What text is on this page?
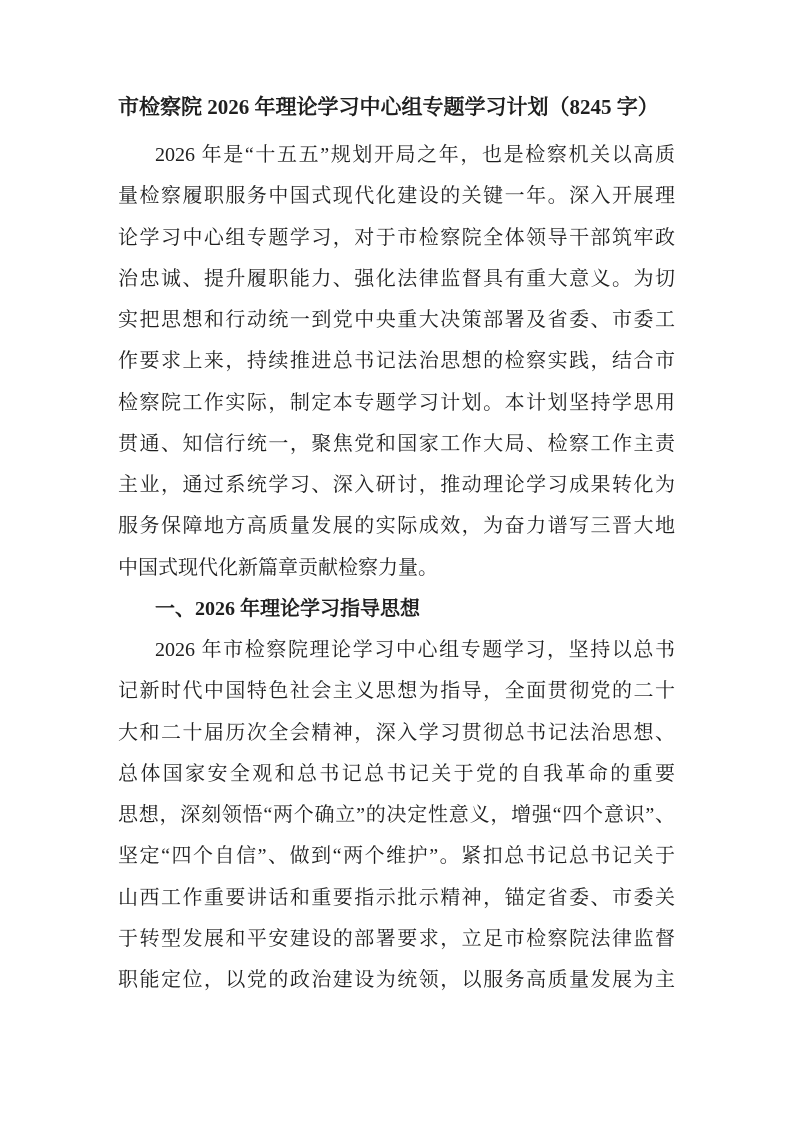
市检察院 2026 年理论学习中心组专题学习计划（8245 字）
2026 年是“十五五”规划开局之年，也是检察机关以高质
量检察履职服务中国式现代化建设的关键一年。深入开展理
论学习中心组专题学习，对于市检察院全体领导干部筑牢政
治忠诚、提升履职能力、强化法律监督具有重大意义。为切
实把思想和行动统一到党中央重大决策部署及省委、市委工
作要求上来，持续推进总书记法治思想的检察实践，结合市
检察院工作实际，制定本专题学习计划。本计划坚持学思用
贯通、知信行统一，聚焦党和国家工作大局、检察工作主责
主业，通过系统学习、深入研讨，推动理论学习成果转化为
服务保障地方高质量发展的实际成效，为奋力谱写三晋大地
中国式现代化新篇章贡献检察力量。
一、2026 年理论学习指导思想
2026 年市检察院理论学习中心组专题学习，坚持以总书
记新时代中国特色社会主义思想为指导，全面贯彻党的二十
大和二十届历次全会精神，深入学习贯彻总书记法治思想、
总体国家安全观和总书记总书记关于党的自我革命的重要
思想，深刻领悟“两个确立”的决定性意义，增强“四个意识”、
坚定“四个自信”、做到“两个维护”。紧扣总书记总书记关于
山西工作重要讲话和重要指示批示精神，锚定省委、市委关
于转型发展和平安建设的部署要求，立足市检察院法律监督
职能定位，以党的政治建设为统领，以服务高质量发展为主
